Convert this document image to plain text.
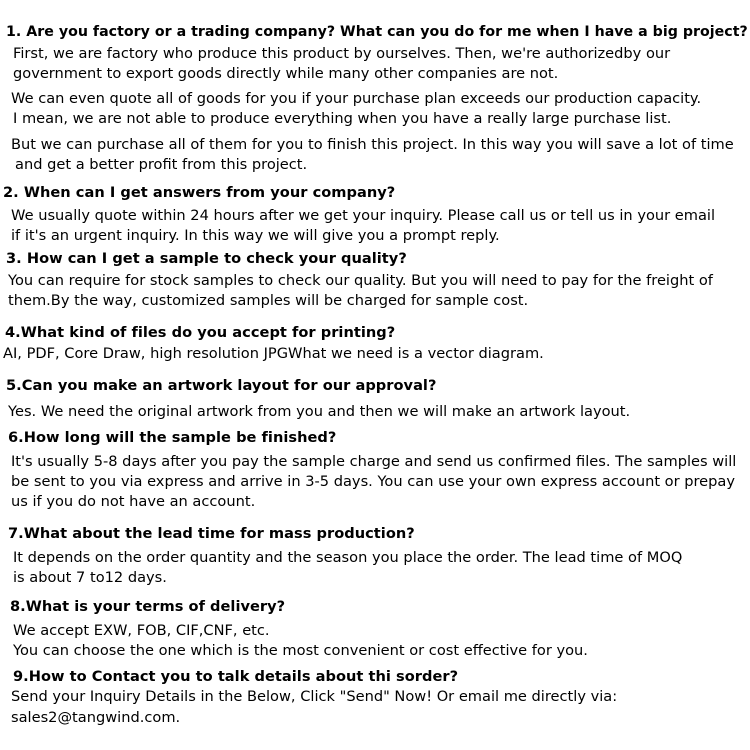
1. Are you factory or a trading company? What can you do for me when I have a big project?
First, we are factory who produce this product by ourselves. Then, we're authorizedby our
government to export goods directly while many other companies are not.
We can even quote all of goods for you if your purchase plan exceeds our production capacity.
I mean, we are not able to produce everything when you have a really large purchase list.
But we can purchase all of them for you to finish this project. In this way you will save a lot of time
and get a better profit from this project.
2. When can I get answers from your company?
We usually quote within 24 hours after we get your inquiry. Please call us or tell us in your email
if it's an urgent inquiry. In this way we will give you a prompt reply.
3. How can I get a sample to check your quality?
You can require for stock samples to check our quality. But you will need to pay for the freight of
them.By the way, customized samples will be charged for sample cost.
4.What kind of files do you accept for printing?
AI, PDF, Core Draw, high resolution JPGWhat we need is a vector diagram.
5.Can you make an artwork layout for our approval?
Yes. We need the original artwork from you and then we will make an artwork layout.
6.How long will the sample be finished?
It's usually 5-8 days after you pay the sample charge and send us confirmed files. The samples will
be sent to you via express and arrive in 3-5 days. You can use your own express account or prepay
us if you do not have an account.
7.What about the lead time for mass production?
It depends on the order quantity and the season you place the order. The lead time of MOQ
is about 7 to12 days.
8.What is your terms of delivery?
We accept EXW, FOB, CIF,CNF, etc.
You can choose the one which is the most convenient or cost effective for you.
9.How to Contact you to talk details about thi sorder?
Send your Inquiry Details in the Below, Click "Send" Now! Or email me directly via:
sales2@tangwind.com.
